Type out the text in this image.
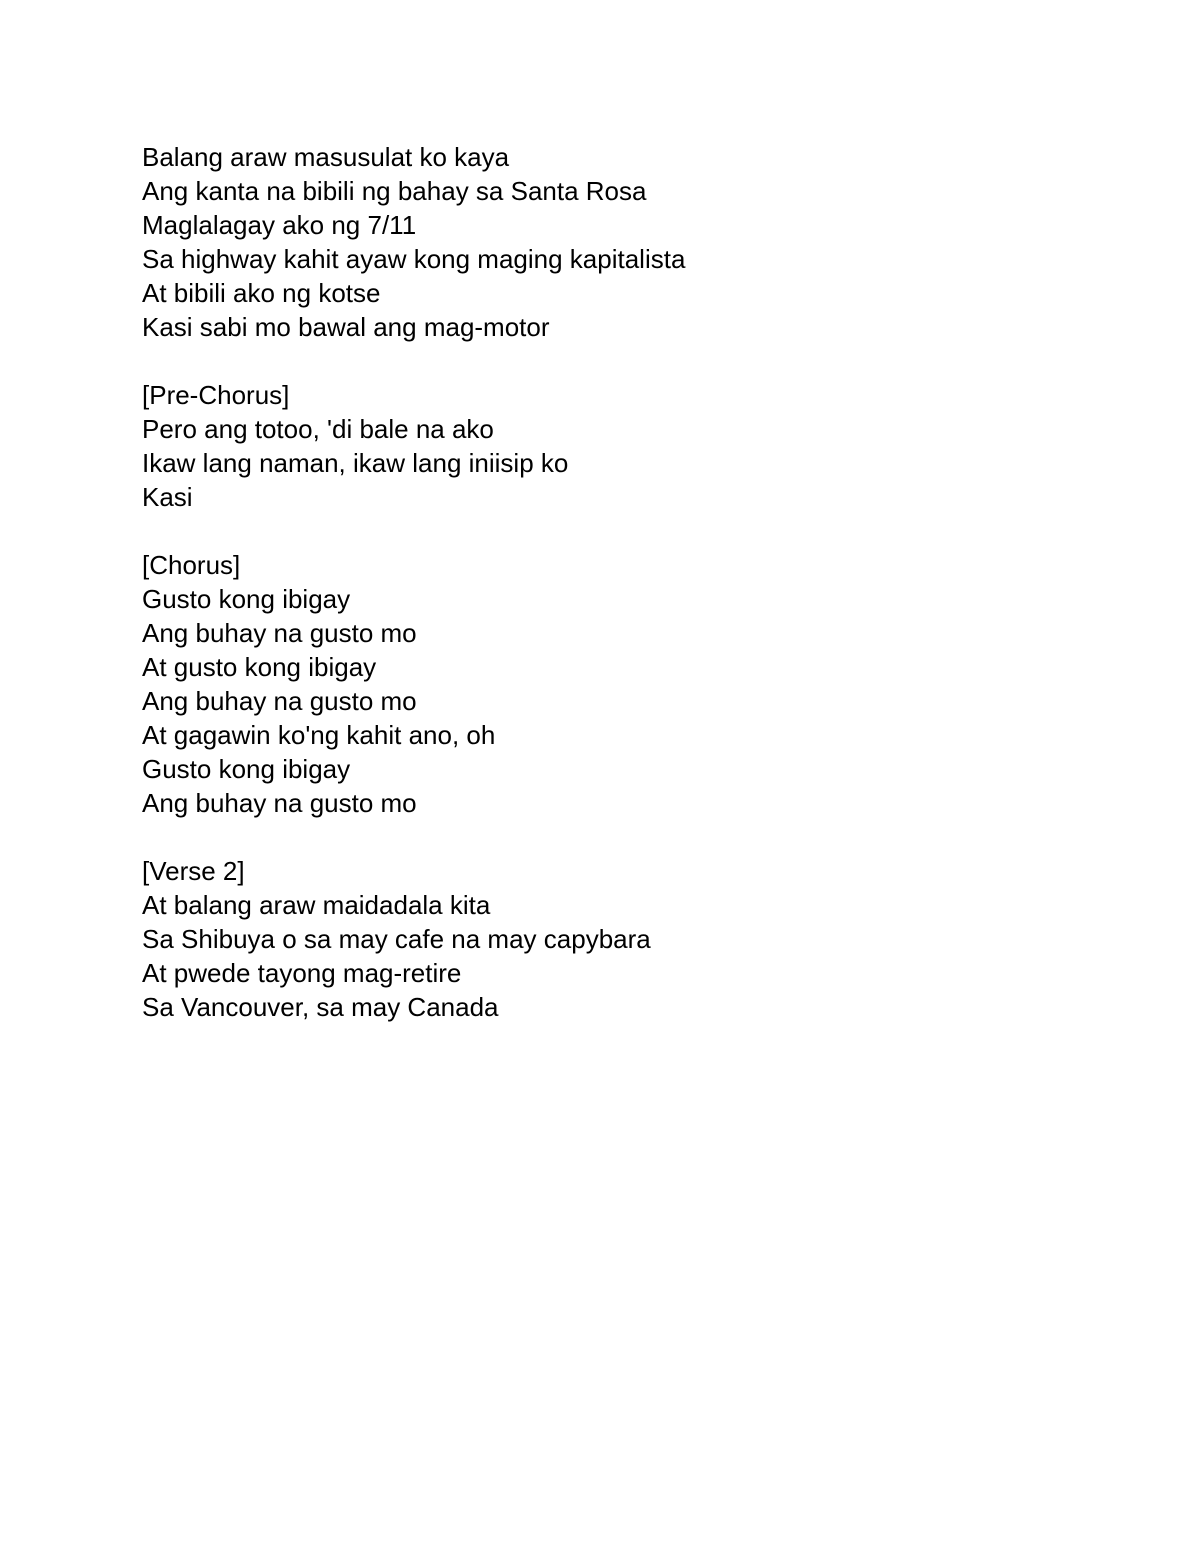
Balang araw masusulat ko kaya
Ang kanta na bibili ng bahay sa Santa Rosa
Maglalagay ako ng 7/11
Sa highway kahit ayaw kong maging kapitalista
At bibili ako ng kotse
Kasi sabi mo bawal ang mag-motor
[Pre-Chorus]
Pero ang totoo, 'di bale na ako
Ikaw lang naman, ikaw lang iniisip ko
Kasi
[Chorus]
Gusto kong ibigay
Ang buhay na gusto mo
At gusto kong ibigay
Ang buhay na gusto mo
At gagawin ko'ng kahit ano, oh
Gusto kong ibigay
Ang buhay na gusto mo
[Verse 2]
At balang araw maidadala kita
Sa Shibuya o sa may cafe na may capybara
At pwede tayong mag-retire
Sa Vancouver, sa may Canada
